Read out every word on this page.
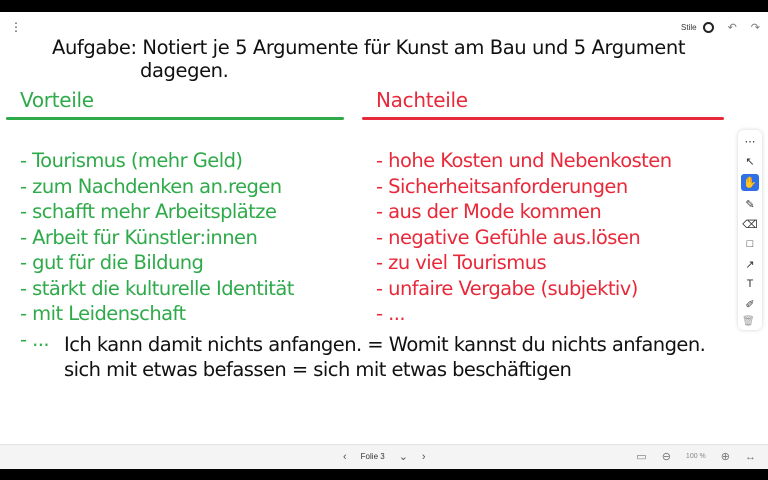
⋮	Stile	↶ ↷
Aufgabe: Notiert je 5 Argumente für Kunst am Bau und 5 Argument
dagegen.
Vorteile	Nachteile
- Tourismus (mehr Geld)
- zum Nachdenken an.regen
- schafft mehr Arbeitsplätze
- Arbeit für Künstler:innen
- gut für die Bildung
- stärkt die kulturelle Identität
- mit Leidenschaft
- ...
- hohe Kosten und Nebenkosten
- Sicherheitsanforderungen
- aus der Mode kommen
- negative Gefühle aus.lösen
- zu viel Tourismus
- unfaire Vergabe (subjektiv)
- ...
Ich kann damit nichts anfangen. = Womit kannst du nichts anfangen.
sich mit etwas befassen = sich mit etwas beschäftigen
⋯
↖
✋
✎
⌫
□
↗
T
✐
🗑
‹ Folie 3 ⌄ ›	▭ ⊖ 100 % ⊕ ↔
